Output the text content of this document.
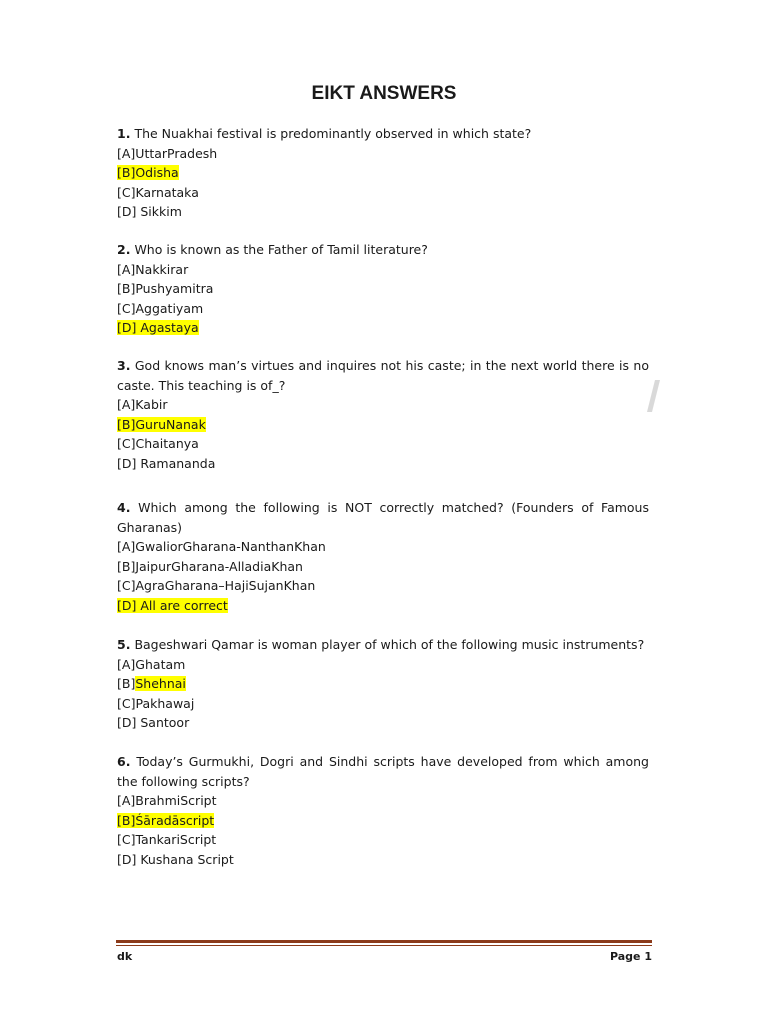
EIKT ANSWERS

1. The Nuakhai festival is predominantly observed in which state?

[A]UttarPradesh

[B]Odisha

[C]Karnataka

[D] Sikkim

2. Who is known as the Father of Tamil literature?

[A]Nakkirar

[B]Pushyamitra

[C]Aggatiyam

[D] Agastaya

3. God knows man’s virtues and inquires not his caste; in the next world there is no caste. This teaching is of_?

[A]Kabir

[B]GuruNanak

[C]Chaitanya

[D] Ramananda

4. Which among the following is NOT correctly matched? (Founders of Famous Gharanas)

[A]GwaliorGharana-NanthanKhan

[B]JaipurGharana-AlladiaKhan

[C]AgraGharana–HajiSujanKhan

[D] All are correct

5. Bageshwari Qamar is woman player of which of the following music instruments?

[A]Ghatam

[B]Shehnai

[C]Pakhawaj

[D] Santoor

6. Today’s Gurmukhi, Dogri and Sindhi scripts have developed from which among the following scripts?

[A]BrahmiScript

[B]Śāradāscript

[C]TankariScript

[D] Kushana Script

dk	Page 1
